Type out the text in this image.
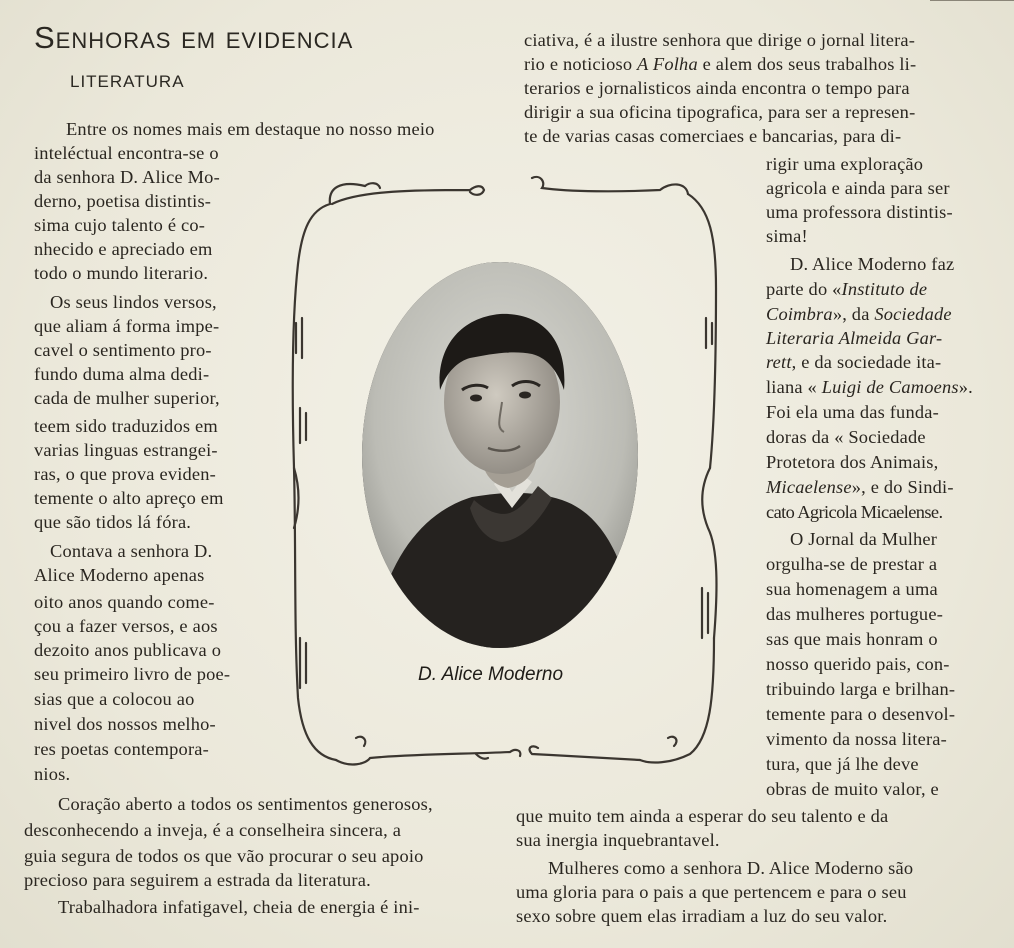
Senhoras em evidencia
LITERATURA
Entre os nomes mais em destaque no nosso meio
inteléctual encontra-se o
da senhora D. Alice Mo-
derno, poetisa distintis-
sima cujo talento é co-
nhecido e apreciado em
todo o mundo literario.
Os seus lindos versos,
que aliam á forma impe-
cavel o sentimento pro-
fundo duma alma dedi-
cada de mulher superior,
teem sido traduzidos em
varias linguas estrangei-
ras, o que prova eviden-
temente o alto apreço em
que são tidos lá fóra.
Contava a senhora D.
Alice Moderno apenas
oito anos quando come-
çou a fazer versos, e aos
dezoito anos publicava o
seu primeiro livro de poe-
sias que a colocou ao
nivel dos nossos melho-
res poetas contempora-
nios.
Coração aberto a todos os sentimentos generosos,
desconhecendo a inveja, é a conselheira sincera, a
guia segura de todos os que vão procurar o seu apoio
precioso para seguirem a estrada da literatura.
Trabalhadora infatigavel, cheia de energia é ini-
ciativa, é a ilustre senhora que dirige o jornal litera-
rio e noticioso A Folha e alem dos seus trabalhos li-
terarios e jornalisticos ainda encontra o tempo para
dirigir a sua oficina tipografica, para ser a represen-
te de varias casas comerciaes e bancarias, para di-
rigir uma exploração
agricola e ainda para ser
uma professora distintis-
sima!
D. Alice Moderno faz
parte do «Instituto de
Coimbra», da Sociedade
Literaria Almeida Gar-
rett, e da sociedade ita-
liana « Luigi de Camoens».
Foi ela uma das funda-
doras da « Sociedade
Protetora dos Animais,
Micaelense», e do Sindi-
cato Agricola Micaelense.
O Jornal da Mulher
orgulha-se de prestar a
sua homenagem a uma
das mulheres portugue-
sas que mais honram o
nosso querido pais, con-
tribuindo larga e brilhan-
temente para o desenvol-
vimento da nossa litera-
tura, que já lhe deve
obras de muito valor, e
que muito tem ainda a esperar do seu talento e da
sua inergia inquebrantavel.
Mulheres como a senhora D. Alice Moderno são
uma gloria para o pais a que pertencem e para o seu
sexo sobre quem elas irradiam a luz do seu valor.
D. Alice Moderno
